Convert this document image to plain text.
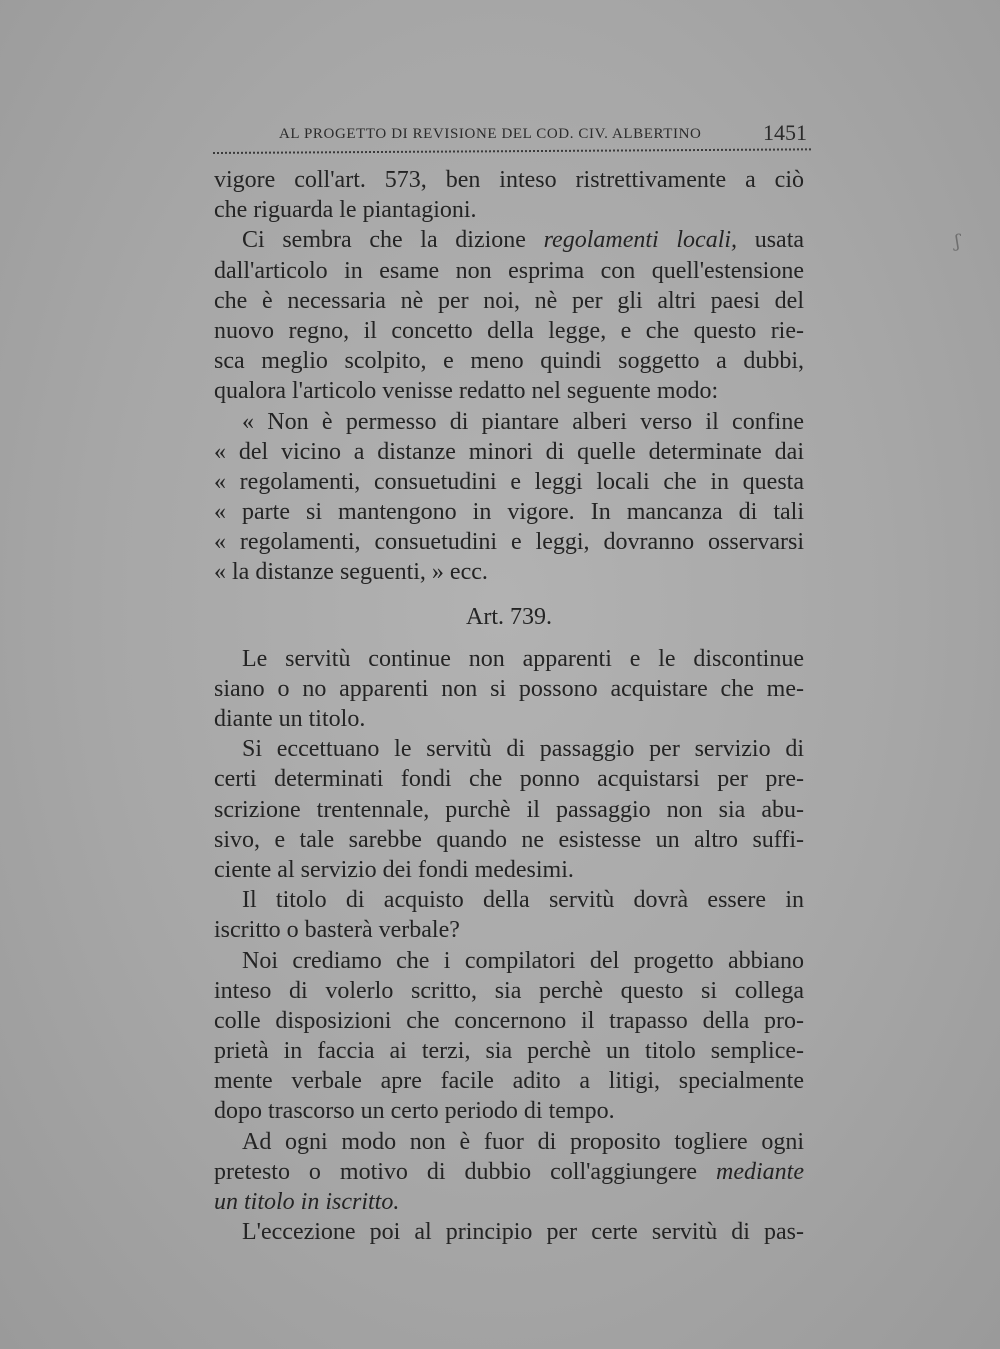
AL PROGETTO DI REVISIONE DEL COD. CIV. ALBERTINO	1451
ʃ
vigore coll'art. 573, ben inteso ristrettivamente a ciò
che riguarda le piantagioni.
Ci sembra che la dizione regolamenti locali, usata
dall'articolo in esame non esprima con quell'estensione
che è necessaria nè per noi, nè per gli altri paesi del
nuovo regno, il concetto della legge, e che questo rie-
sca meglio scolpito, e meno quindi soggetto a dubbi,
qualora l'articolo venisse redatto nel seguente modo:
« Non è permesso di piantare alberi verso il confine
« del vicino a distanze minori di quelle determinate dai
« regolamenti, consuetudini e leggi locali che in questa
« parte si mantengono in vigore. In mancanza di tali
« regolamenti, consuetudini e leggi, dovranno osservarsi
« la distanze seguenti, » ecc.
Art. 739.
Le servitù continue non apparenti e le discontinue
siano o no apparenti non si possono acquistare che me-
diante un titolo.
Si eccettuano le servitù di passaggio per servizio di
certi determinati fondi che ponno acquistarsi per pre-
scrizione trentennale, purchè il passaggio non sia abu-
sivo, e tale sarebbe quando ne esistesse un altro suffi-
ciente al servizio dei fondi medesimi.
Il titolo di acquisto della servitù dovrà essere in
iscritto o basterà verbale?
Noi crediamo che i compilatori del progetto abbiano
inteso di volerlo scritto, sia perchè questo si collega
colle disposizioni che concernono il trapasso della pro-
prietà in faccia ai terzi, sia perchè un titolo semplice-
mente verbale apre facile adito a litigi, specialmente
dopo trascorso un certo periodo di tempo.
Ad ogni modo non è fuor di proposito togliere ogni
pretesto o motivo di dubbio coll'aggiungere mediante
un titolo in iscritto.
L'eccezione poi al principio per certe servitù di pas-
